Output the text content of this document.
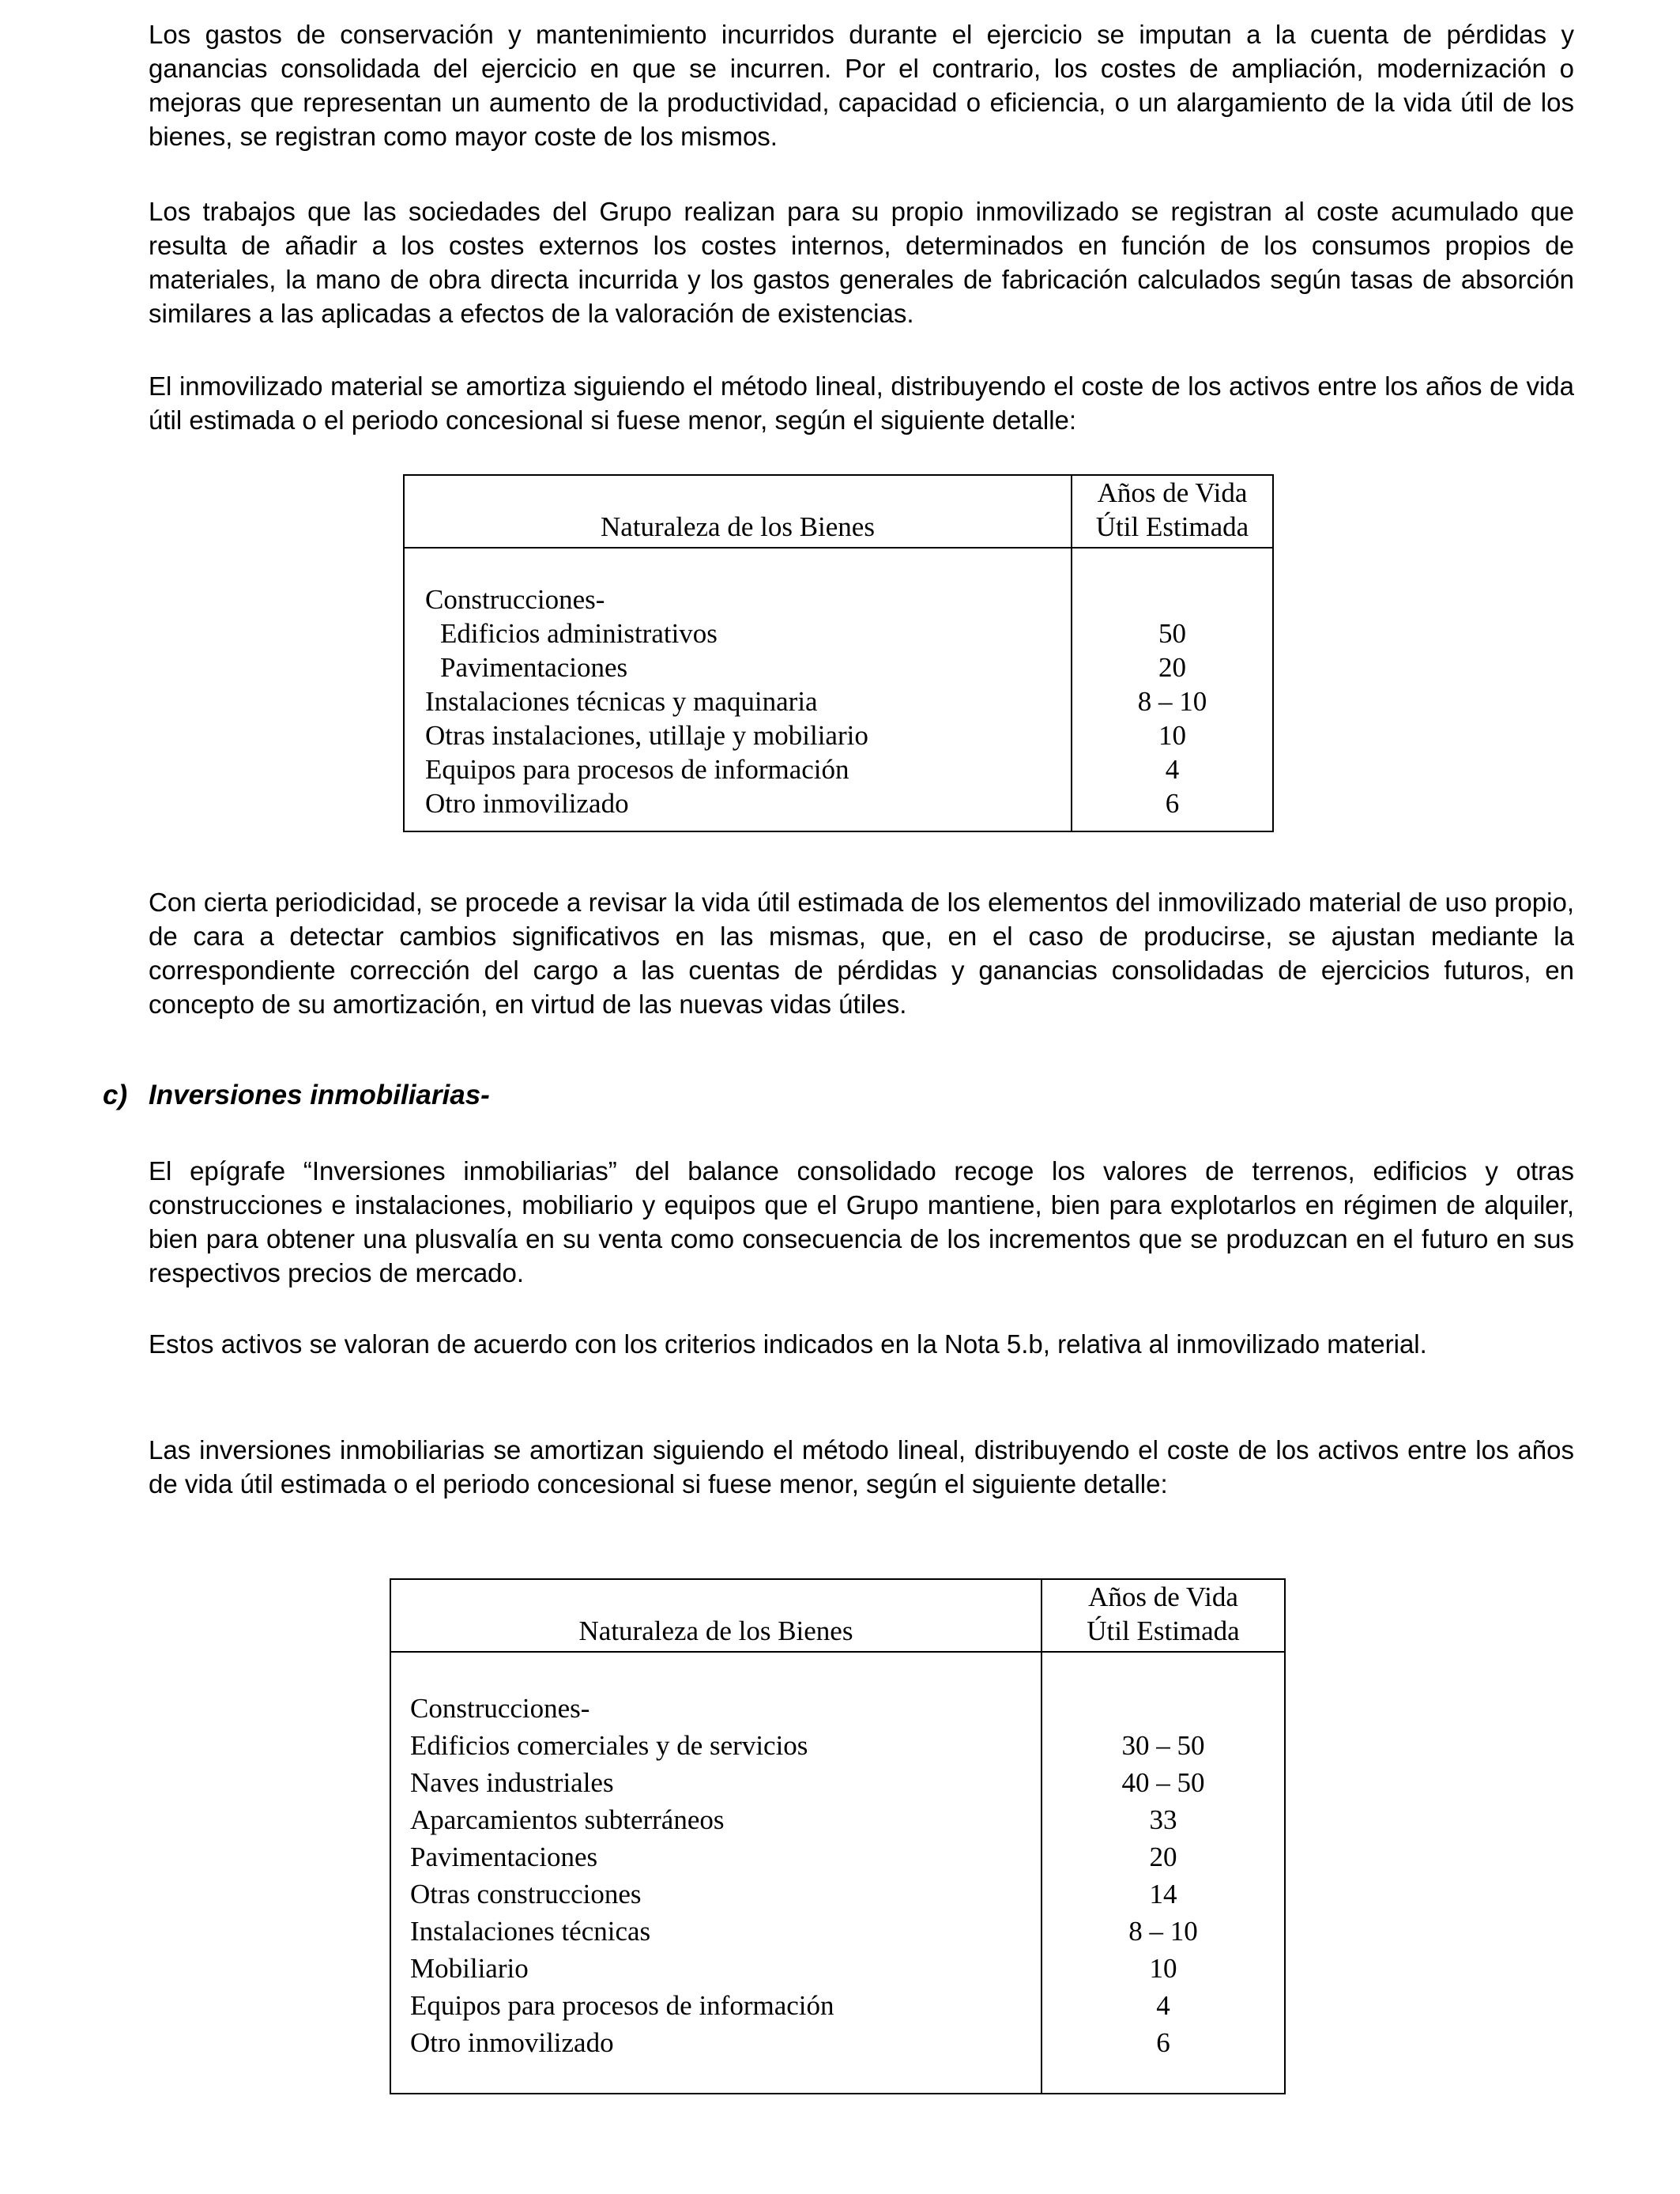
Los gastos de conservación y mantenimiento incurridos durante el ejercicio se imputan a la cuenta de pérdidas y ganancias consolidada del ejercicio en que se incurren. Por el contrario, los costes de ampliación, modernización o mejoras que representan un aumento de la productividad, capacidad o eficiencia, o un alargamiento de la vida útil de los bienes, se registran como mayor coste de los mismos.

Los trabajos que las sociedades del Grupo realizan para su propio inmovilizado se registran al coste acumulado que resulta de añadir a los costes externos los costes internos, determinados en función de los consumos propios de materiales, la mano de obra directa incurrida y los gastos generales de fabricación calculados según tasas de absorción similares a las aplicadas a efectos de la valoración de existencias.

El inmovilizado material se amortiza siguiendo el método lineal, distribuyendo el coste de los activos entre los años de vida útil estimada o el periodo concesional si fuese menor, según el siguiente detalle:

Naturaleza de los Bienes	Años de Vida
Útil Estimada

Construcciones-	
Edificios administrativos	50
Pavimentaciones	20
Instalaciones técnicas y maquinaria	8 – 10
Otras instalaciones, utillaje y mobiliario	10
Equipos para procesos de información	4
Otro inmovilizado	6

Con cierta periodicidad, se procede a revisar la vida útil estimada de los elementos del inmovilizado material de uso propio, de cara a detectar cambios significativos en las mismas, que, en el caso de producirse, se ajustan mediante la correspondiente corrección del cargo a las cuentas de pérdidas y ganancias consolidadas de ejercicios futuros, en concepto de su amortización, en virtud de las nuevas vidas útiles.

c) Inversiones inmobiliarias-

El epígrafe “Inversiones inmobiliarias” del balance consolidado recoge los valores de terrenos, edificios y otras construcciones e instalaciones, mobiliario y equipos que el Grupo mantiene, bien para explotarlos en régimen de alquiler, bien para obtener una plusvalía en su venta como consecuencia de los incrementos que se produzcan en el futuro en sus respectivos precios de mercado.

Estos activos se valoran de acuerdo con los criterios indicados en la Nota 5.b, relativa al inmovilizado material.

Las inversiones inmobiliarias se amortizan siguiendo el método lineal, distribuyendo el coste de los activos entre los años de vida útil estimada o el periodo concesional si fuese menor, según el siguiente detalle:

Naturaleza de los Bienes	Años de Vida
Útil Estimada

Construcciones-	
Edificios comerciales y de servicios	30 – 50
Naves industriales	40 – 50
Aparcamientos subterráneos	33
Pavimentaciones	20
Otras construcciones	14
Instalaciones técnicas	8 – 10
Mobiliario	10
Equipos para procesos de información	4
Otro inmovilizado	6
